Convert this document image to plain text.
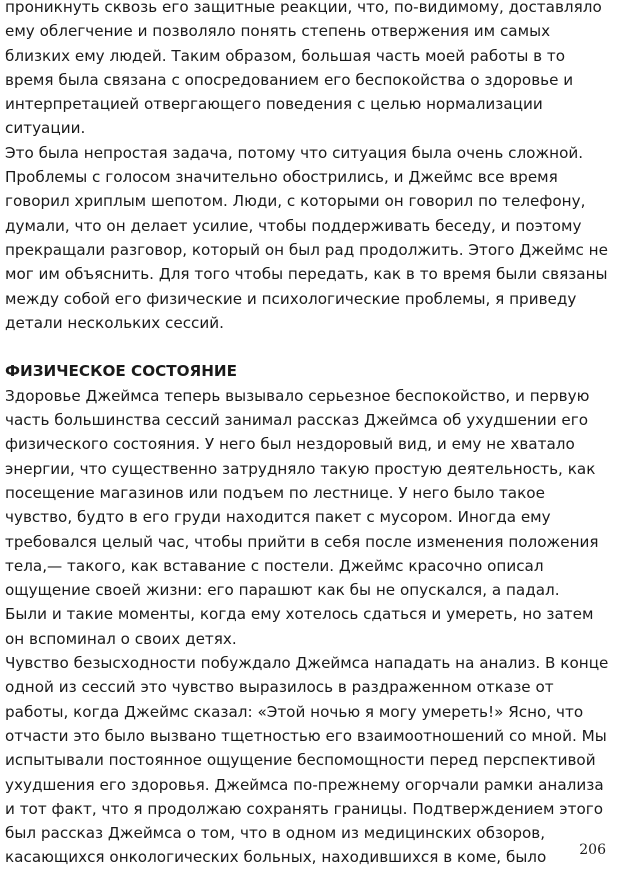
проникнуть сквозь его защитные реакции, что, по-видимому, доставляло
ему облегчение и позволяло понять степень отвержения им самых
близких ему людей. Таким образом, большая часть моей работы в то
время была связана с опосредованием его беспокойства о здоровье и
интерпретацией отвергающего поведения с целью нормализации
ситуации.
Это была непростая задача, потому что ситуация была очень сложной.
Проблемы с голосом значительно обострились, и Джеймс все время
говорил хриплым шепотом. Люди, с которыми он говорил по телефону,
думали, что он делает усилие, чтобы поддерживать беседу, и поэтому
прекращали разговор, который он был рад продолжить. Этого Джеймс не
мог им объяснить. Для того чтобы передать, как в то время были связаны
между собой его физические и психологические проблемы, я приведу
детали нескольких сессий.
ФИЗИЧЕСКОЕ СОСТОЯНИЕ
Здоровье Джеймса теперь вызывало серьезное беспокойство, и первую
часть большинства сессий занимал рассказ Джеймса об ухудшении его
физического состояния. У него был нездоровый вид, и ему не хватало
энергии, что существенно затрудняло такую простую деятельность, как
посещение магазинов или подъем по лестнице. У него было такое
чувство, будто в его груди находится пакет с мусором. Иногда ему
требовался целый час, чтобы прийти в себя после изменения положения
тела,— такого, как вставание с постели. Джеймс красочно описал
ощущение своей жизни: его парашют как бы не опускался, а падал.
Были и такие моменты, когда ему хотелось сдаться и умереть, но затем
он вспоминал о своих детях.
Чувство безысходности побуждало Джеймса нападать на анализ. В конце
одной из сессий это чувство выразилось в раздраженном отказе от
работы, когда Джеймс сказал: «Этой ночью я могу умереть!» Ясно, что
отчасти это было вызвано тщетностью его взаимоотношений со мной. Мы
испытывали постоянное ощущение беспомощности перед перспективой
ухудшения его здоровья. Джеймса по-прежнему огорчали рамки анализа
и тот факт, что я продолжаю сохранять границы. Подтверждением этого
был рассказ Джеймса о том, что в одном из медицинских обзоров,
касающихся онкологических больных, находившихся в коме, было	206
